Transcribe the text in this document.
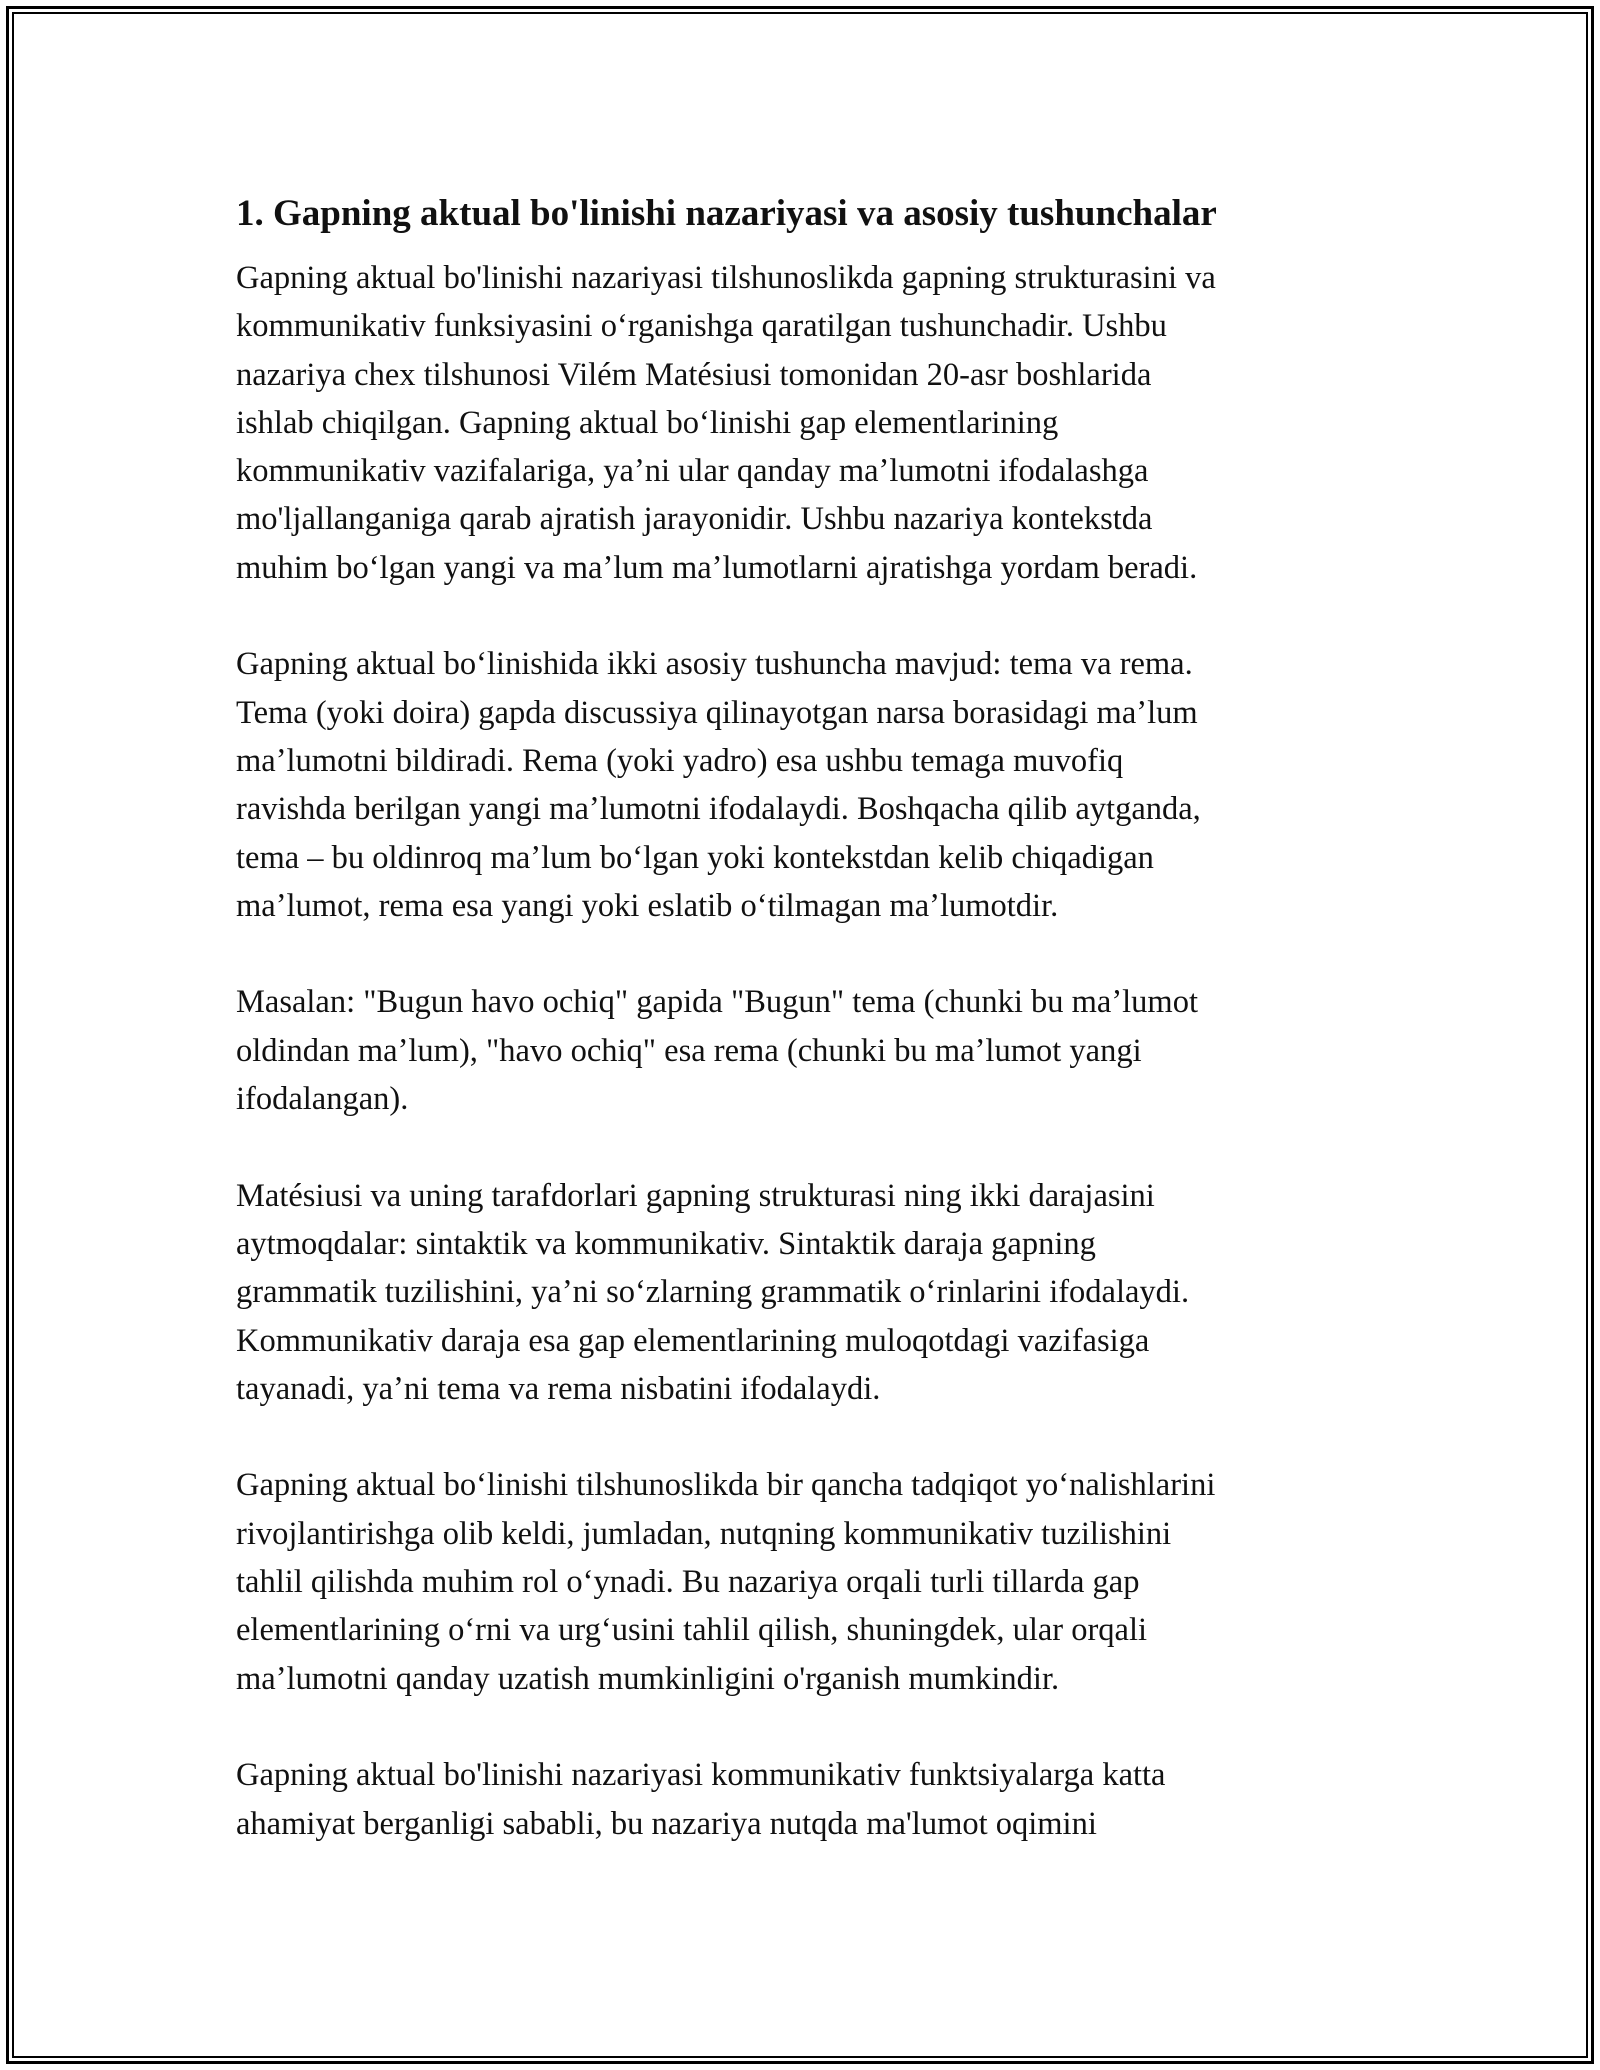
1. Gapning aktual bo'linishi nazariyasi va asosiy tushunchalar
Gapning aktual bo'linishi nazariyasi tilshunoslikda gapning strukturasini va
kommunikativ funksiyasini oʻrganishga qaratilgan tushunchadir. Ushbu
nazariya chex tilshunosi Vilém Matésiusi tomonidan 20-asr boshlarida
ishlab chiqilgan. Gapning aktual boʻlinishi gap elementlarining
kommunikativ vazifalariga, yaʼni ular qanday maʼlumotni ifodalashga
mo'ljallanganiga qarab ajratish jarayonidir. Ushbu nazariya kontekstda
muhim boʻlgan yangi va maʼlum maʼlumotlarni ajratishga yordam beradi.
Gapning aktual boʻlinishida ikki asosiy tushuncha mavjud: tema va rema.
Tema (yoki doira) gapda discussiya qilinayotgan narsa borasidagi maʼlum
maʼlumotni bildiradi. Rema (yoki yadro) esa ushbu temaga muvofiq
ravishda berilgan yangi maʼlumotni ifodalaydi. Boshqacha qilib aytganda,
tema – bu oldinroq maʼlum boʻlgan yoki kontekstdan kelib chiqadigan
maʼlumot, rema esa yangi yoki eslatib oʻtilmagan maʼlumotdir.
Masalan: "Bugun havo ochiq" gapida "Bugun" tema (chunki bu maʼlumot
oldindan maʼlum), "havo ochiq" esa rema (chunki bu maʼlumot yangi
ifodalangan).
Matésiusi va uning tarafdorlari gapning strukturasi ning ikki darajasini
aytmoqdalar: sintaktik va kommunikativ. Sintaktik daraja gapning
grammatik tuzilishini, yaʼni soʻzlarning grammatik oʻrinlarini ifodalaydi.
Kommunikativ daraja esa gap elementlarining muloqotdagi vazifasiga
tayanadi, yaʼni tema va rema nisbatini ifodalaydi.
Gapning aktual boʻlinishi tilshunoslikda bir qancha tadqiqot yoʻnalishlarini
rivojlantirishga olib keldi, jumladan, nutqning kommunikativ tuzilishini
tahlil qilishda muhim rol oʻynadi. Bu nazariya orqali turli tillarda gap
elementlarining oʻrni va urgʻusini tahlil qilish, shuningdek, ular orqali
maʼlumotni qanday uzatish mumkinligini o'rganish mumkindir.
Gapning aktual bo'linishi nazariyasi kommunikativ funktsiyalarga katta
ahamiyat berganligi sababli, bu nazariya nutqda ma'lumot oqimini
